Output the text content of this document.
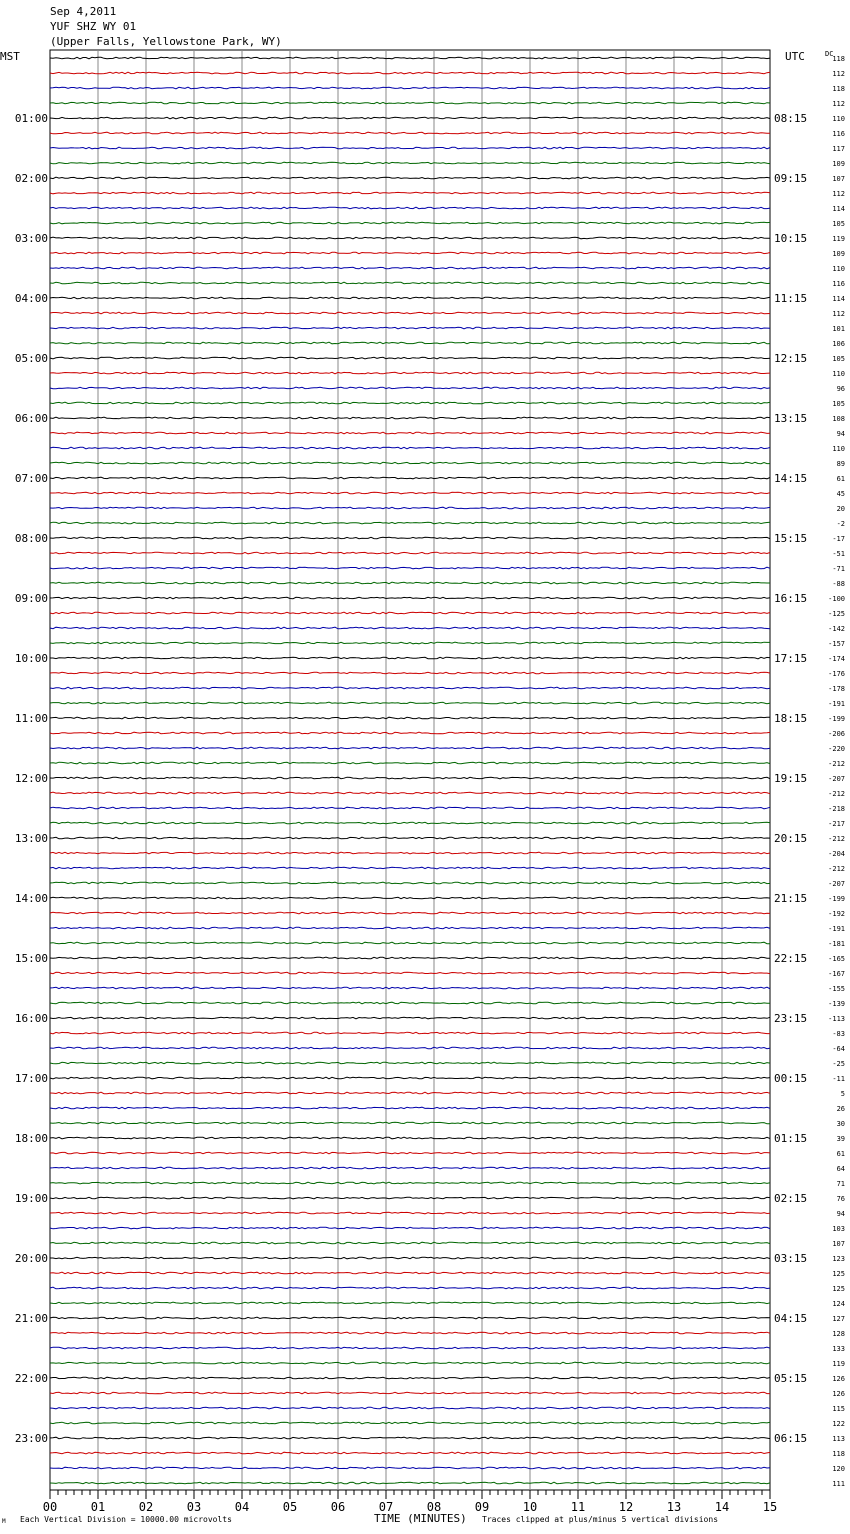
Sep 4,2011
YUF SHZ WY 01
(Upper Falls, Yellowstone Park, WY)
MST	UTC	DC
118
112
118
112
110
116
117
109
107
112
114
105
119
109
110
116
114
112
101
106
105
110
96
105
108
94
110
89
61
45
20
-2
-17
-51
-71
-88
-100
-125
-142
-157
-174
-176
-178
-191
-199
-206
-220
-212
-207
-212
-218
-217
-212
-204
-212
-207
-199
-192
-191
-181
-165
-167
-155
-139
-113
-83
-64
-25
-11
5
26
30
39
61
64
71
76
94
103
107
123
125
125
124
127
128
133
119
126
126
115
122
113
118
120
111
01:00
02:00
03:00
04:00
05:00
06:00
07:00
08:00
09:00
10:00
11:00
12:00
13:00
14:00
15:00
16:00
17:00
18:00
19:00
20:00
21:00
22:00
23:00
08:15
09:15
10:15
11:15
12:15
13:15
14:15
15:15
16:15
17:15
18:15
19:15
20:15
21:15
22:15
23:15
00:15
01:15
02:15
03:15
04:15
05:15
06:15
00	01	02	03	04	05	06	07	08	09	10	11	12	13	14	15
M Each Vertical Division = 10000.00 microvolts	TIME (MINUTES) Traces clipped at plus/minus 5 vertical divisions
